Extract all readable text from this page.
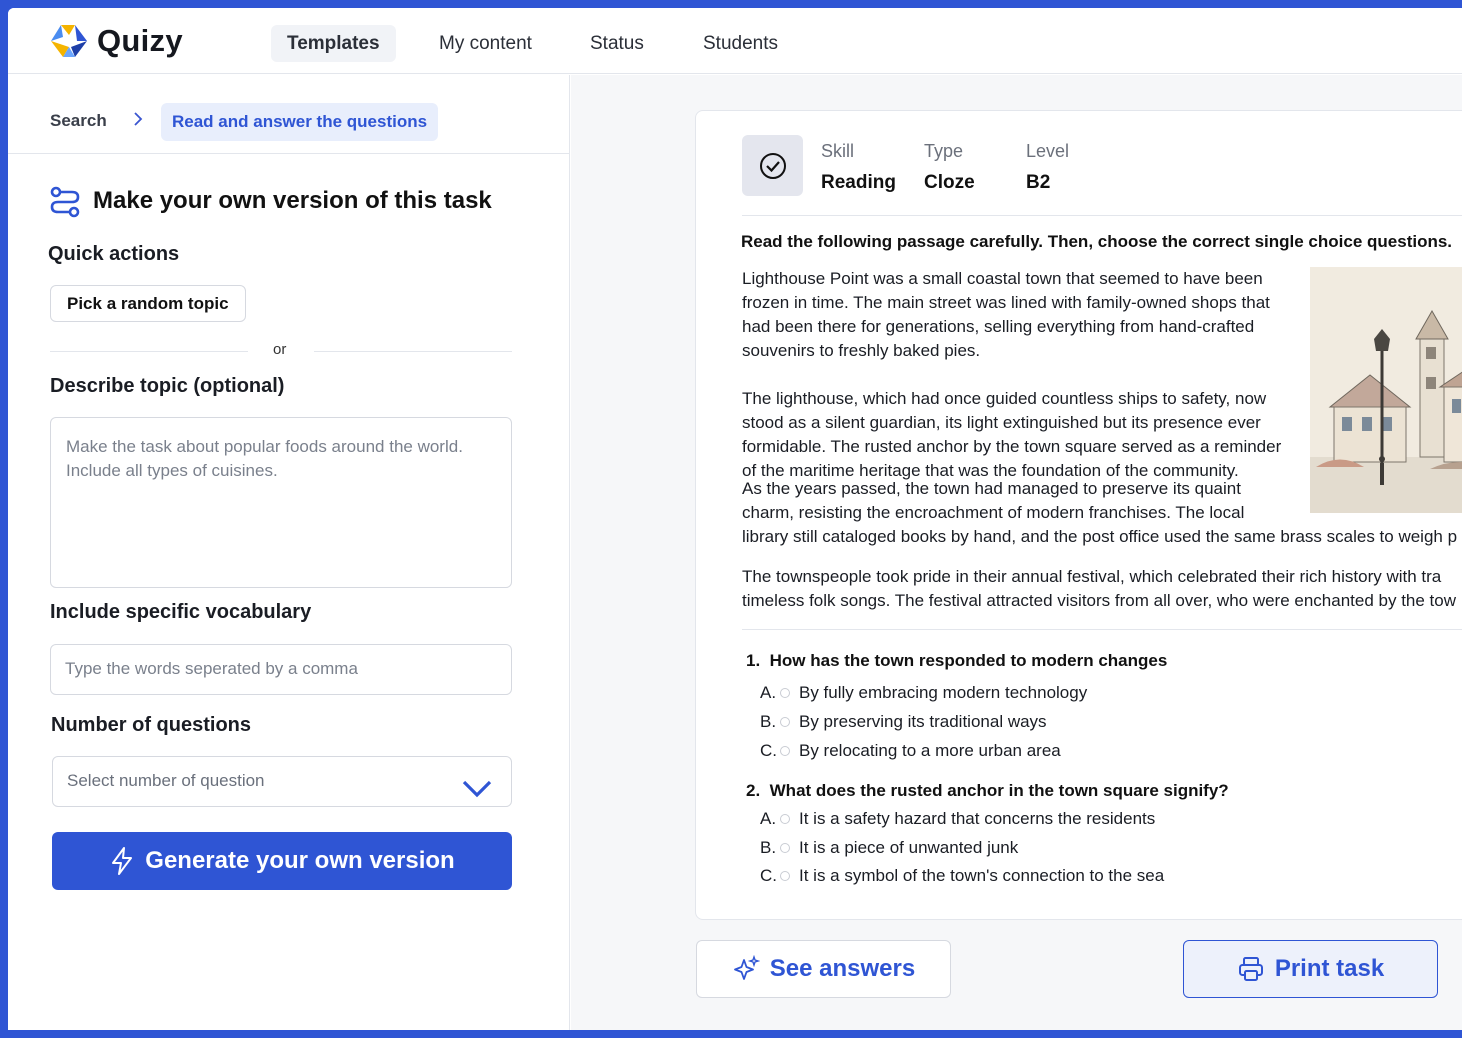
Quizy	Templates	My content	Status	Students
Search	Read and answer the questions
Make your own version of this task
Quick actions
Pick a random topic
or
Describe topic (optional)
Make the task about popular foods around the world. Include all types of cuisines.
Include specific vocabulary
Type the words seperated by a comma
Number of questions
Select number of question
Generate your own version
Skill
Reading
Type
Cloze
Level
B2
Read the following passage carefully. Then, choose the correct single choice questions.
Lighthouse Point was a small coastal town that seemed to have been
frozen in time. The main street was lined with family-owned shops that
had been there for generations, selling everything from hand-crafted
souvenirs to freshly baked pies.
The lighthouse, which had once guided countless ships to safety, now
stood as a silent guardian, its light extinguished but its presence ever
formidable. The rusted anchor by the town square served as a reminder
of the maritime heritage that was the foundation of the community.
As the years passed, the town had managed to preserve its quaint
charm, resisting the encroachment of modern franchises. The local
library still cataloged books by hand, and the post office used the same brass scales to weigh p
The townspeople took pride in their annual festival, which celebrated their rich history with tra
timeless folk songs. The festival attracted visitors from all over, who were enchanted by the tow
1. How has the town responded to modern changes
A. By fully embracing modern technology
B. By preserving its traditional ways
C. By relocating to a more urban area
2. What does the rusted anchor in the town square signify?
A. It is a safety hazard that concerns the residents
B. It is a piece of unwanted junk
C. It is a symbol of the town's connection to the sea
See answers	Print task
